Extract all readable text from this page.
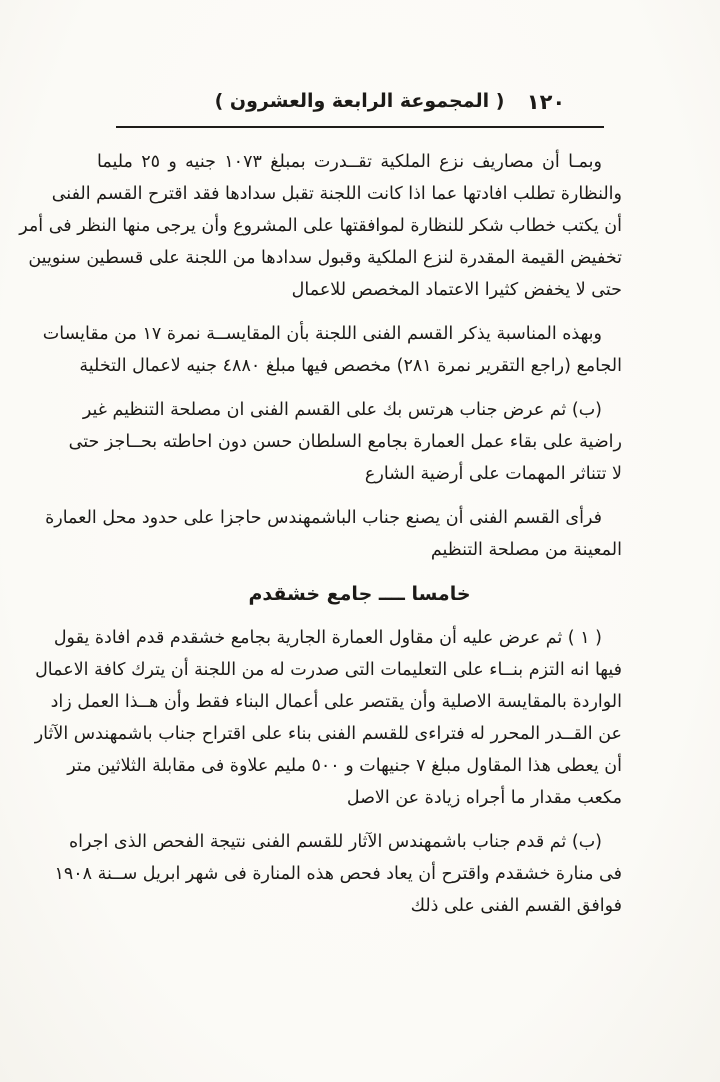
( المجموعة الرابعة والعشرون )	١٢٠
وبمـا أن مصاريف نزع الملكية تقــدرت بمبلغ ١٠٧٣ جنيه و ٢٥ مليما
والنظارة تطلب افادتها عما اذا كانت اللجنة تقبل سدادها فقد اقترح القسم الفنى
أن يكتب خطاب شكر للنظارة لموافقتها على المشروع وأن يرجى منها النظر فى أمر
تخفيض القيمة المقدرة لنزع الملكية وقبول سدادها من اللجنة على قسطين سنويين
حتى لا يخفض كثيرا الاعتماد المخصص للاعمال
وبهذه المناسبة يذكر القسم الفنى اللجنة بأن المقايســة نمرة ١٧ من مقايسات
الجامع (راجع التقرير نمرة ٢٨١) مخصص فيها مبلغ ٤٨٨٠ جنيه لاعمال التخلية
(ب) ثم عرض جناب هرتس بك على القسم الفنى ان مصلحة التنظيم غير
راضية على بقاء عمل العمارة بجامع السلطان حسن دون احاطته بحــاجز حتى
لا تتناثر المهمات على أرضية الشارع
فرأى القسم الفنى أن يصنع جناب الباشمهندس حاجزا على حدود محل العمارة
المعينة من مصلحة التنظيم
خامسا ــــ جامع خشقدم
( ١ ) ثم عرض عليه أن مقاول العمارة الجارية بجامع خشقدم قدم افادة يقول
فيها انه التزم بنــاء على التعليمات التى صدرت له من اللجنة أن يترك كافة الاعمال
الواردة بالمقايسة الاصلية وأن يقتصر على أعمال البناء فقط وأن هــذا العمل زاد
عن القــدر المحرر له فتراءى للقسم الفنى بناء على اقتراح جناب باشمهندس الآثار
أن يعطى هذا المقاول مبلغ ٧ جنيهات و ٥٠٠ مليم علاوة فى مقابلة الثلاثين متر
مكعب مقدار ما أجراه زيادة عن الاصل
(ب) ثم قدم جناب باشمهندس الآثار للقسم الفنى نتيجة الفحص الذى اجراه
فى منارة خشقدم واقترح أن يعاد فحص هذه المنارة فى شهر ابريل ســنة ١٩٠٨
فوافق القسم الفنى على ذلك
